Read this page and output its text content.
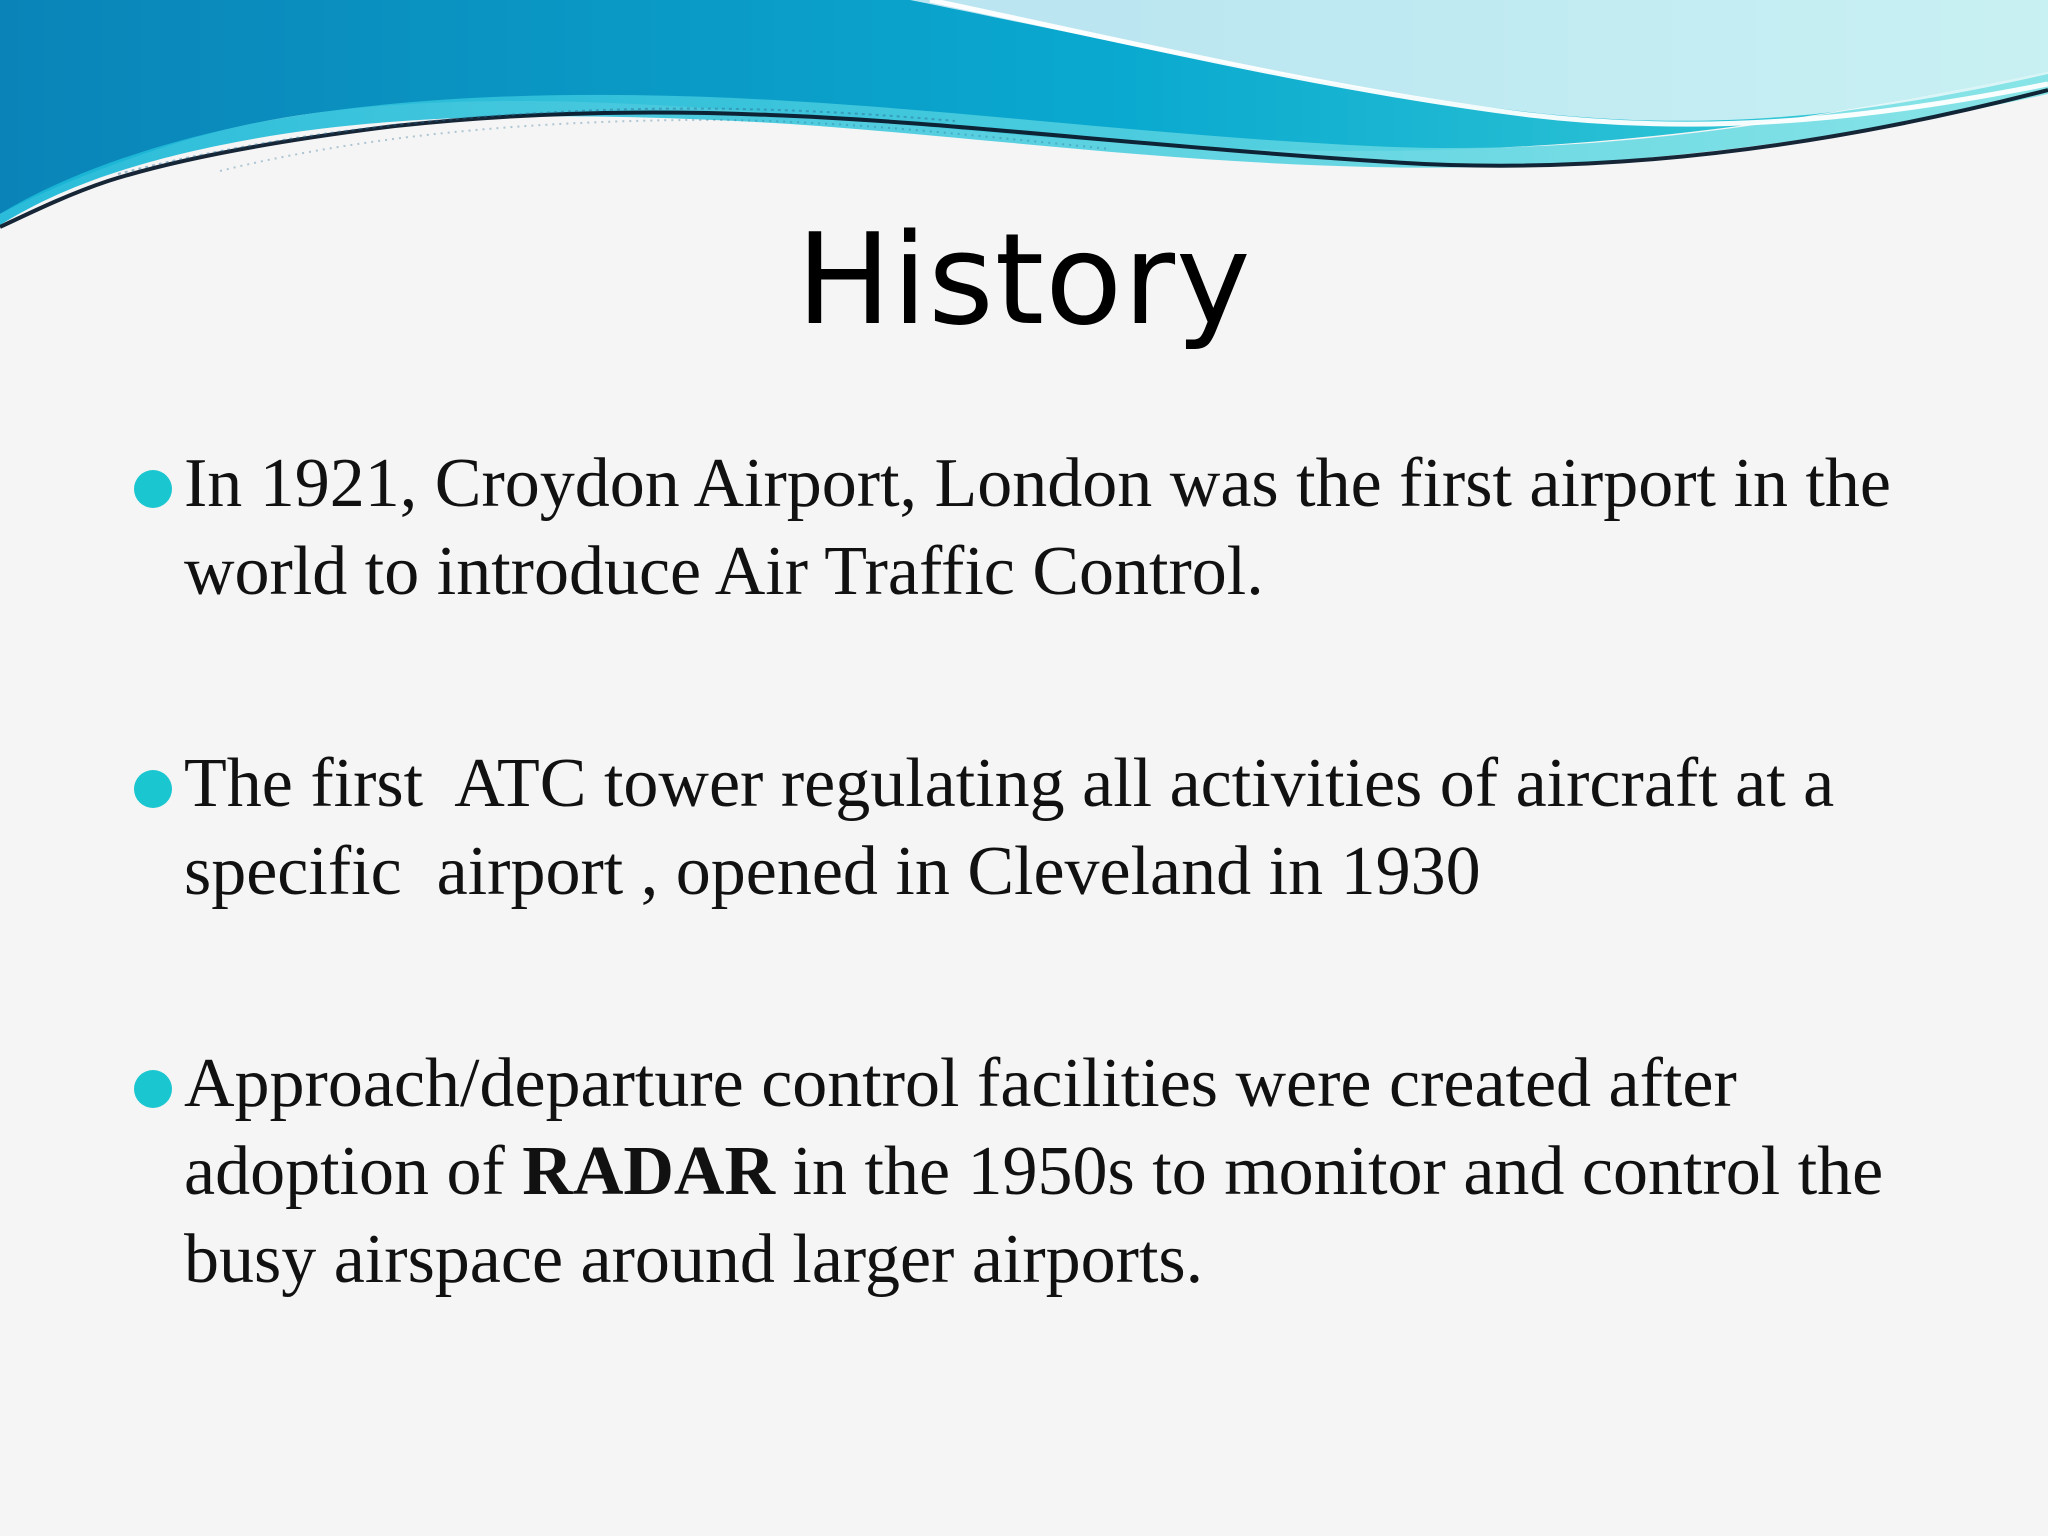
History

In 1921, Croydon Airport, London was the first airport in the world to introduce Air Traffic Control.

The first  ATC tower regulating all activities of aircraft at a specific  airport , opened in Cleveland in 1930

Approach/departure control facilities were created after adoption of RADAR in the 1950s to monitor and control the busy airspace around larger airports.
